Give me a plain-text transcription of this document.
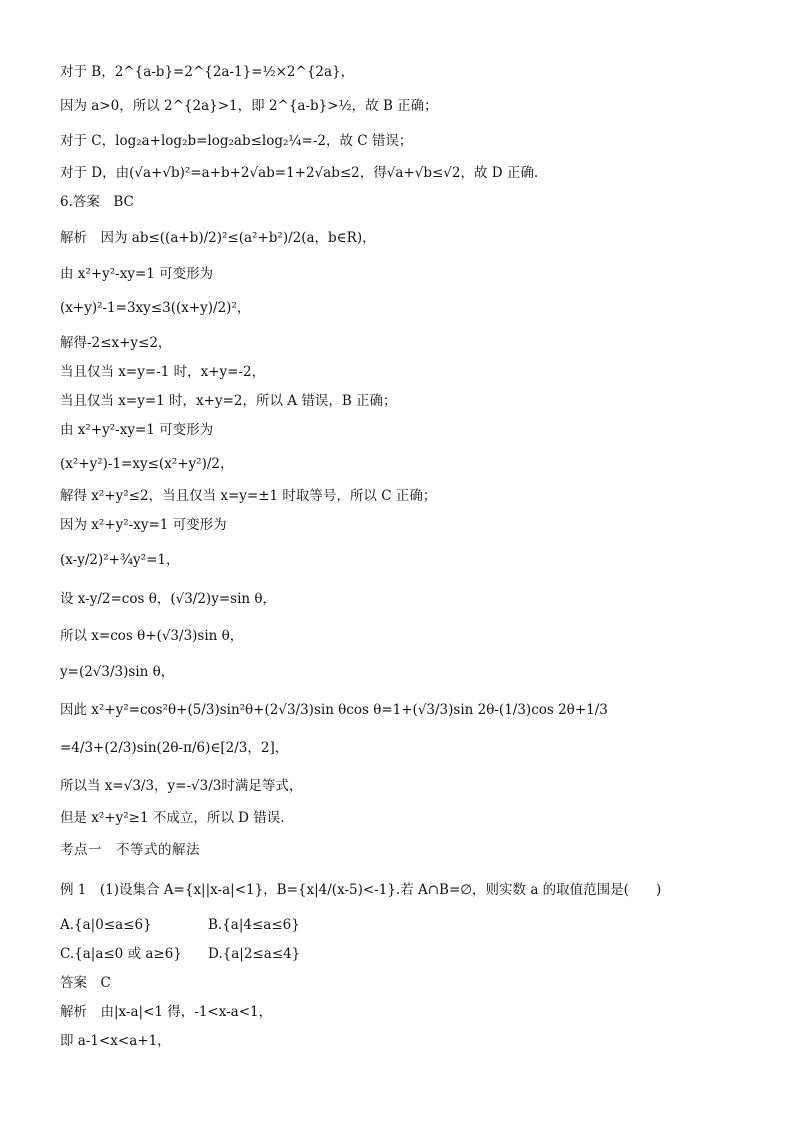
对于 B，2^{a-b}=2^{2a-1}=½×2^{2a}，
因为 a>0，所以 2^{2a}>1，即 2^{a-b}>½，故 B 正确；
对于 C，log₂a+log₂b=log₂ab≤log₂¼=-2，故 C 错误；
对于 D，由(√a+√b)²=a+b+2√ab=1+2√ab≤2，得√a+√b≤√2，故 D 正确.
6.答案　BC
解析　因为 ab≤((a+b)/2)²≤(a²+b²)/2(a，b∈R)，
由 x²+y²-xy=1 可变形为
(x+y)²-1=3xy≤3((x+y)/2)²，
解得-2≤x+y≤2，
当且仅当 x=y=-1 时，x+y=-2，
当且仅当 x=y=1 时，x+y=2，所以 A 错误，B 正确；
由 x²+y²-xy=1 可变形为
(x²+y²)-1=xy≤(x²+y²)/2，
解得 x²+y²≤2，当且仅当 x=y=±1 时取等号，所以 C 正确；
因为 x²+y²-xy=1 可变形为
(x-y/2)²+¾y²=1，
设 x-y/2=cos θ，(√3/2)y=sin θ，
所以 x=cos θ+(√3/3)sin θ，
y=(2√3/3)sin θ，
因此 x²+y²=cos²θ+(5/3)sin²θ+(2√3/3)sin θcos θ=1+(√3/3)sin 2θ-(1/3)cos 2θ+1/3
=4/3+(2/3)sin(2θ-π/6)∈[2/3，2]，
所以当 x=√3/3，y=-√3/3时满足等式，
但是 x²+y²≥1 不成立，所以 D 错误.
考点一　不等式的解法
例 1　(1)设集合 A={x||x-a|<1}，B={x|4/(x-5)<-1}.若 A∩B=∅，则实数 a 的取值范围是(　　)
A.{a|0≤a≤6}	B.{a|4≤a≤6}
C.{a|a≤0 或 a≥6} D.{a|2≤a≤4}
答案　C
解析　由|x-a|<1 得，-1<x-a<1，
即 a-1<x<a+1，
